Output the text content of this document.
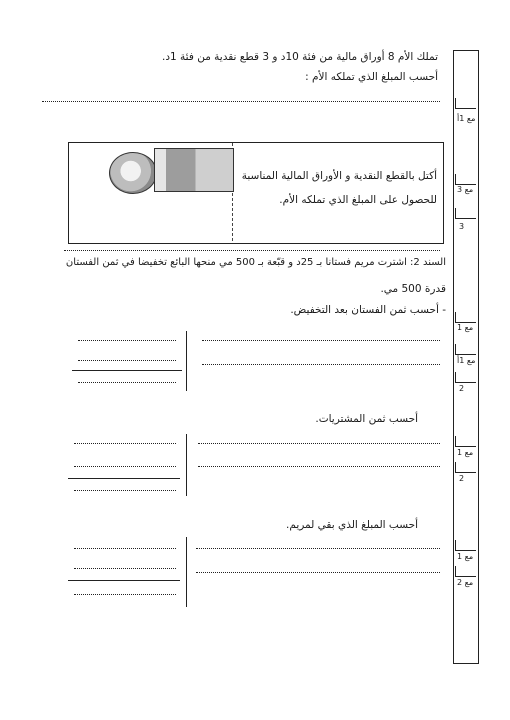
تملك الأم 8 أوراق مالية من فئة 10د و 3 قطع نقدية من فئة 1د.
أحسب المبلغ الذي تملكه الأم :
أكتل بالقطع النقدية و الأوراق المالية المناسبة
للحصول على المبلغ الذي تملكه الأم.
السند 2: اشترت مريم فستانا بـ 25د و قبّعة بـ 500 مي منحها البائع تخفيضا في ثمن الفستان
قدرة 500 مي.
- أحسب ثمن الفستان بعد التخفيض.
أحسب ثمن المشتريات.
أحسب المبلغ الذي بقي لمريم.
مع 1أ
مع 3
3
مع 1
مع 1أ
2
مع 1
2
مع 1
مع 2
